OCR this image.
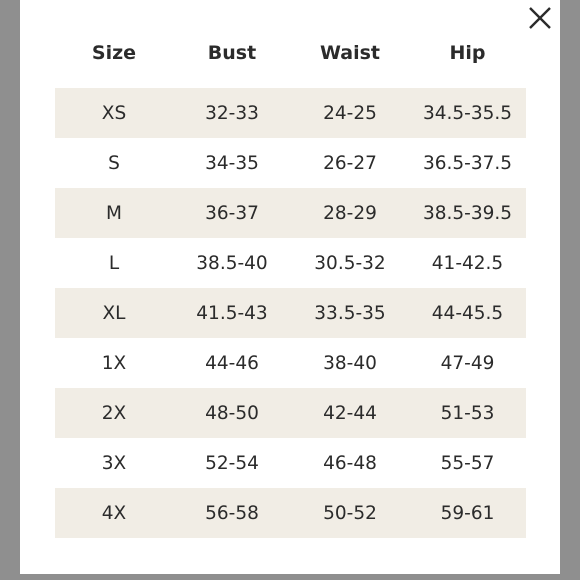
Size	Bust	Waist	Hip
XS	32-33	24-25	34.5-35.5
S	34-35	26-27	36.5-37.5
M	36-37	28-29	38.5-39.5
L	38.5-40	30.5-32	41-42.5
XL	41.5-43	33.5-35	44-45.5
1X	44-46	38-40	47-49
2X	48-50	42-44	51-53
3X	52-54	46-48	55-57
4X	56-58	50-52	59-61
